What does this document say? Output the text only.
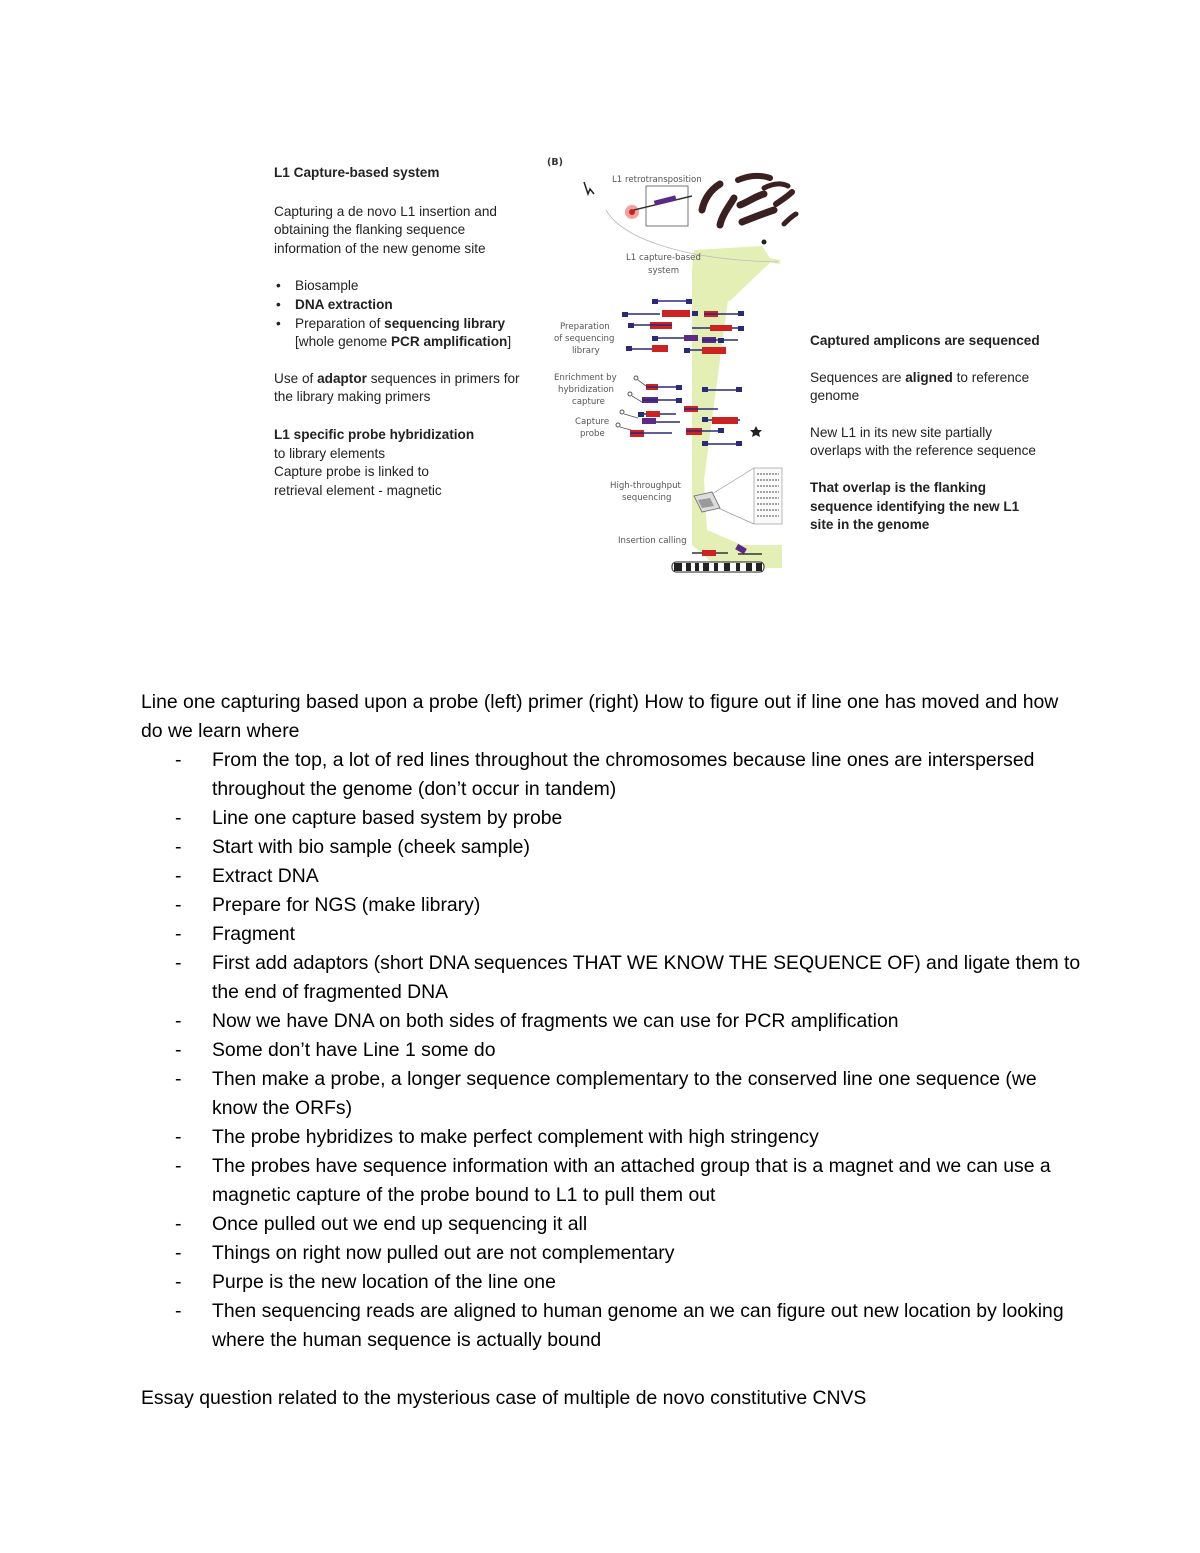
L1 Capture-based system

Capturing a de novo L1 insertion and obtaining the flanking sequence information of the new genome site

• Biosample
• DNA extraction
• Preparation of sequencing library [whole genome PCR amplification]

Use of adaptor sequences in primers for the library making primers

L1 specific probe hybridization
to library elements
Capture probe is linked to
retrieval element - magnetic

(B)
L1 retrotransposition
L1 capture-based
system
Preparation
of sequencing
library
Enrichment by
hybridization
capture
Capture
probe
High-throughput
sequencing
Insertion calling

Captured amplicons are sequenced

Sequences are aligned to reference genome

New L1 in its new site partially overlaps with the reference sequence

That overlap is the flanking sequence identifying the new L1 site in the genome

Line one capturing based upon a probe (left) primer (right) How to figure out if line one has moved and how do we learn where

- From the top, a lot of red lines throughout the chromosomes because line ones are interspersed throughout the genome (don’t occur in tandem)
- Line one capture based system by probe
- Start with bio sample (cheek sample)
- Extract DNA
- Prepare for NGS (make library)
- Fragment
- First add adaptors (short DNA sequences THAT WE KNOW THE SEQUENCE OF) and ligate them to the end of fragmented DNA
- Now we have DNA on both sides of fragments we can use for PCR amplification
- Some don’t have Line 1 some do
- Then make a probe, a longer sequence complementary to the conserved line one sequence (we know the ORFs)
- The probe hybridizes to make perfect complement with high stringency
- The probes have sequence information with an attached group that is a magnet and we can use a magnetic capture of the probe bound to L1 to pull them out
- Once pulled out we end up sequencing it all
- Things on right now pulled out are not complementary
- Purpe is the new location of the line one
- Then sequencing reads are aligned to human genome an we can figure out new location by looking where the human sequence is actually bound

Essay question related to the mysterious case of multiple de novo constitutive CNVS
